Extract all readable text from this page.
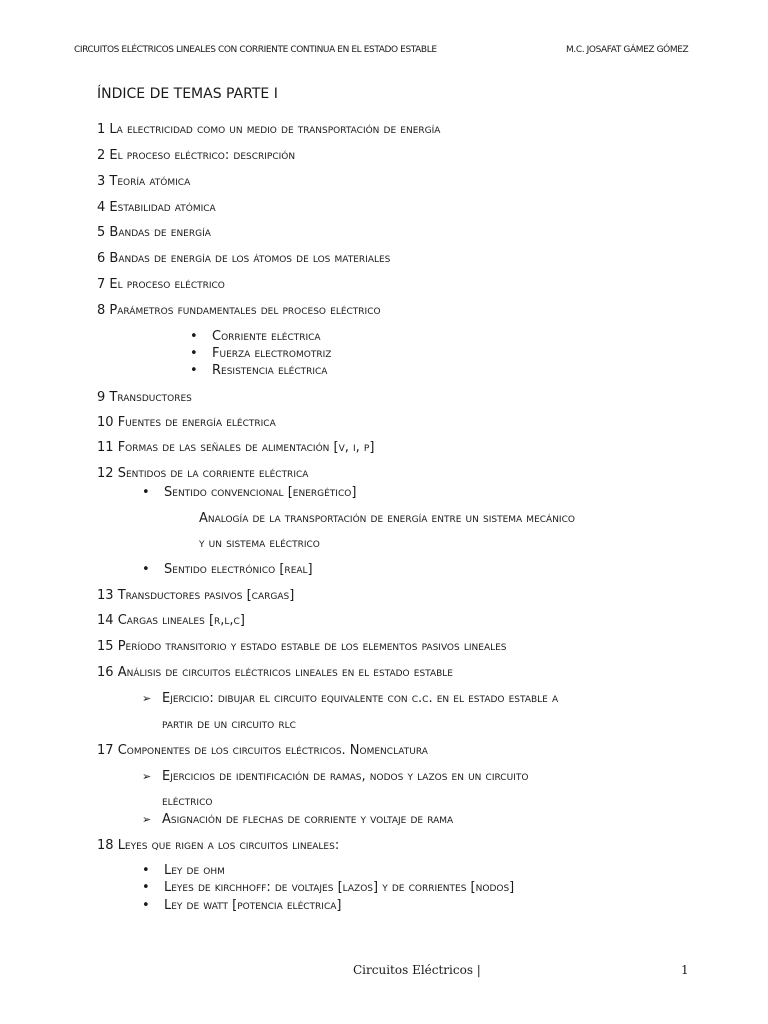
CIRCUITOS ELÉCTRICOS LINEALES CON CORRIENTE CONTINUA EN EL ESTADO ESTABLE	M.C. JOSAFAT GÁMEZ GÓMEZ
ÍNDICE DE TEMAS PARTE I
1 La electricidad como un medio de transportación de energía
2 El proceso eléctrico: descripción
3 Teoría atómica
4 Estabilidad atómica
5 Bandas de energía
6 Bandas de energía de los átomos de los materiales
7 El proceso eléctrico
8 Parámetros fundamentales del proceso eléctrico
• Corriente eléctrica
• Fuerza electromotriz
• Resistencia eléctrica
9 Transductores
10 Fuentes de energía eléctrica
11 Formas de las señales de alimentación [v, i, p]
12 Sentidos de la corriente eléctrica
• Sentido convencional [energético]
Analogía de la transportación de energía entre un sistema mecánico
y un sistema eléctrico
• Sentido electrónico [real]
13 Transductores pasivos [cargas]
14 Cargas lineales [r,l,c]
15 Período transitorio y estado estable de los elementos pasivos lineales
16 Análisis de circuitos eléctricos lineales en el estado estable
➢ Ejercicio: dibujar el circuito equivalente con c.c. en el estado estable a
partir de un circuito rlc
17 Componentes de los circuitos eléctricos. Nomenclatura
➢ Ejercicios de identificación de ramas, nodos y lazos en un circuito
eléctrico
➢ Asignación de flechas de corriente y voltaje de rama
18 Leyes que rigen a los circuitos lineales:
• Ley de ohm
• Leyes de kirchhoff: de voltajes [lazos] y de corrientes [nodos]
• Ley de watt [potencia eléctrica]
Circuitos Eléctricos |	1
